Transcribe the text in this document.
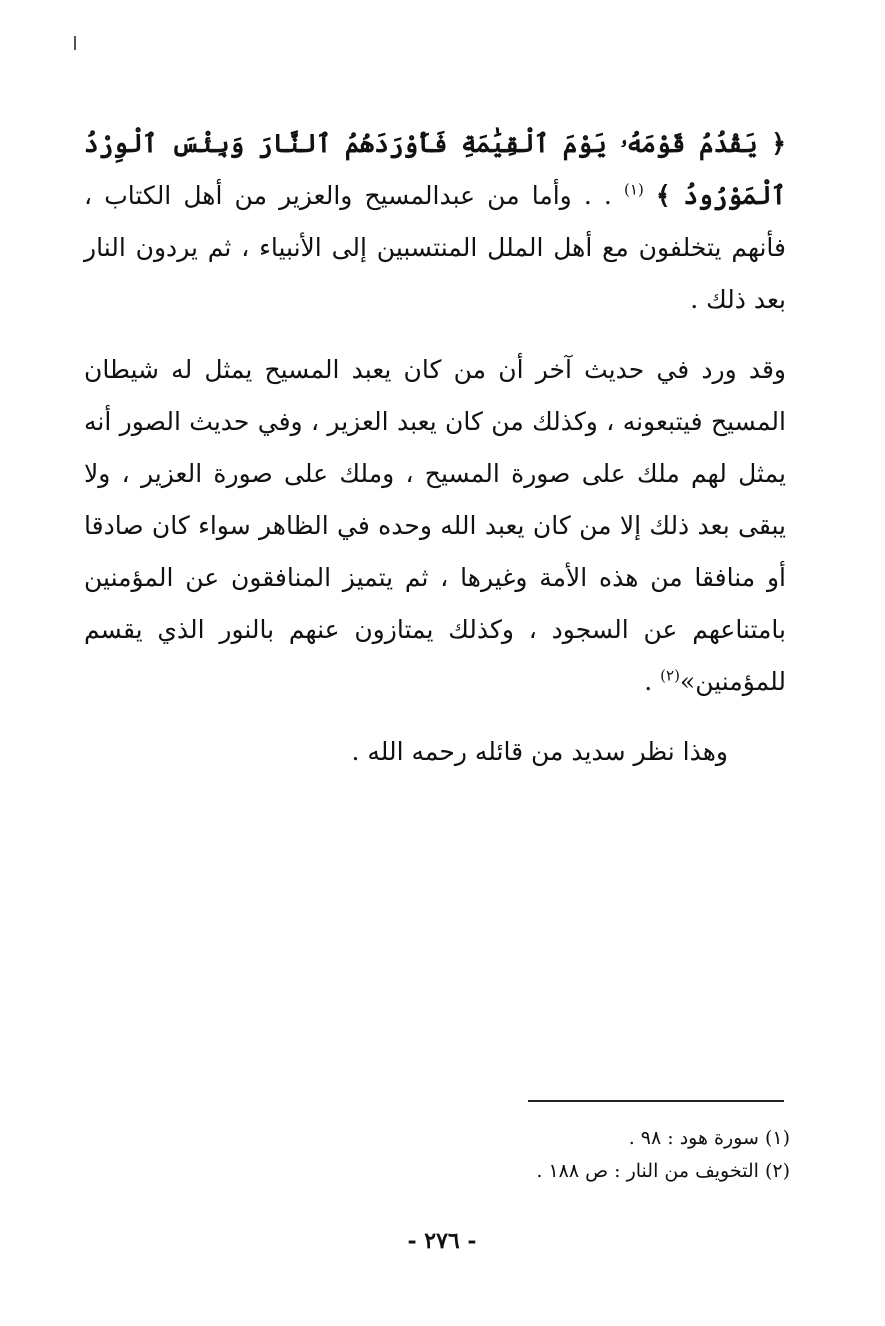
﴿ يَقْدُمُ قَوْمَهُۥ يَوْمَ ٱلْقِيَٰمَةِ فَأَوْرَدَهُمُ ٱلنَّارَ وَبِئْسَ ٱلْوِرْدُ ٱلْمَوْرُودُ ﴾ $^{(١)}$ . . وأما من عبدالمسيح والعزير من أهل الكتاب ، فأنهم يتخلفون مع أهل الملل المنتسبين إلى الأنبياء ، ثم يردون النار بعد ذلك .

وقد ورد في حديث آخر أن من كان يعبد المسيح يمثل له شيطان المسيح فيتبعونه ، وكذلك من كان يعبد العزير ، وفي حديث الصور أنه يمثل لهم ملك على صورة المسيح ، وملك على صورة العزير ، ولا يبقى بعد ذلك إلا من كان يعبد الله وحده في الظاهر سواء كان صادقا أو منافقا من هذه الأمة وغيرها ، ثم يتميز المنافقون عن المؤمنين بامتناعهم عن السجود ، وكذلك يمتازون عنهم بالنور الذي يقسم للمؤمنين»$^{(٢)}$ .

وهذا نظر سديد من قائله رحمه الله .

(١) سورة هود : ٩٨ .

(٢) التخويف من النار : ص ١٨٨ .

- ٢٧٦ -
